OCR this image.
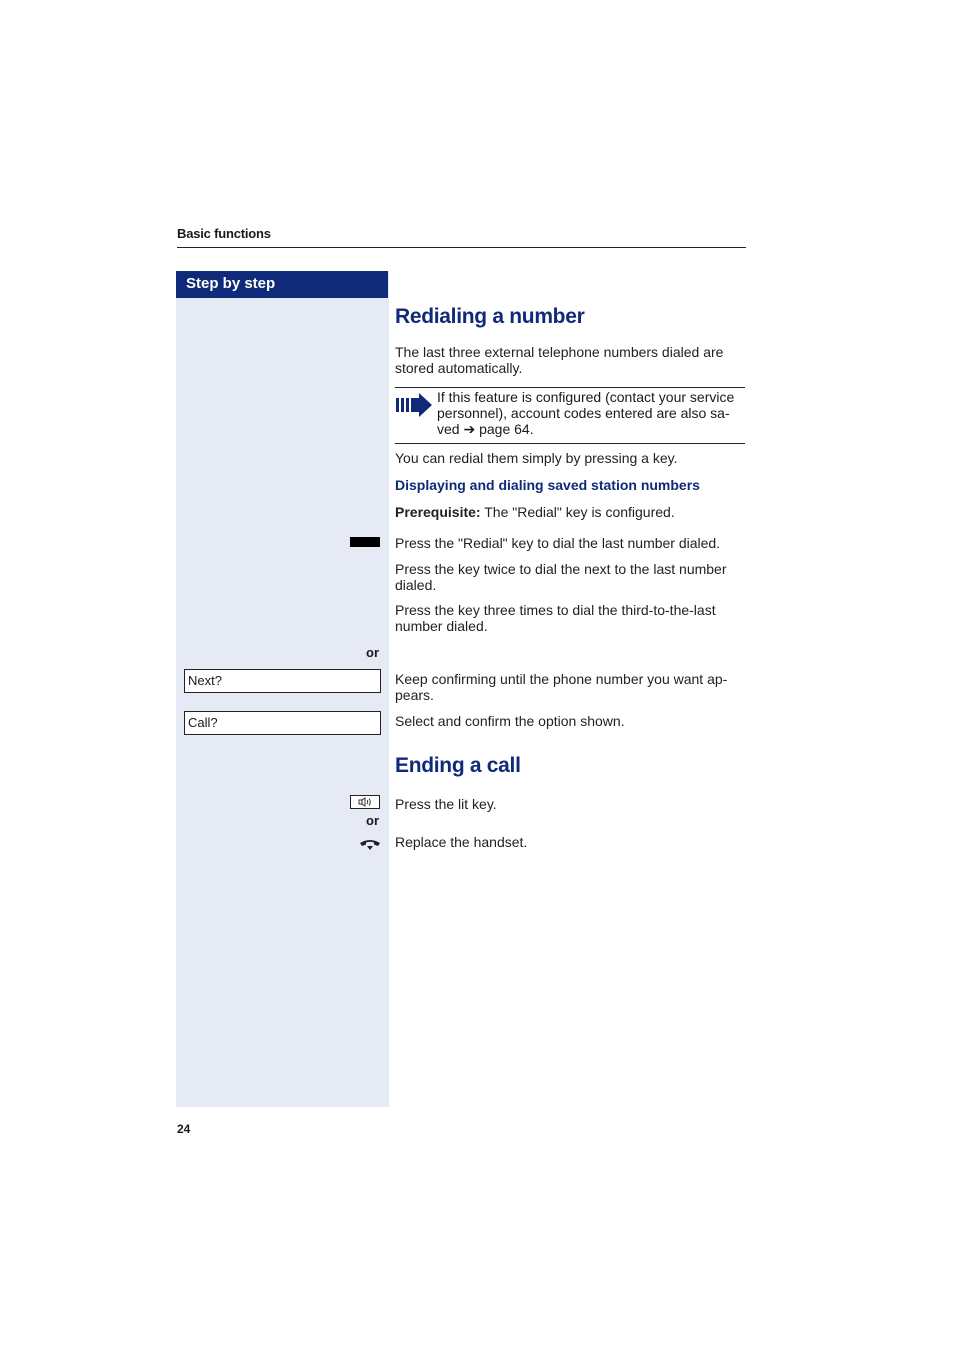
Basic functions
Step by step
Redialing a number
The last three external telephone numbers dialed are stored automatically.
If this feature is configured (contact your service
personnel), account codes entered are also sa-
ved ➔ page 64.
You can redial them simply by pressing a key.
Displaying and dialing saved station numbers
Prerequisite: The "Redial" key is configured.
Press the "Redial" key to dial the last number dialed.
Press the key twice to dial the next to the last number dialed.
Press the key three times to dial the third-to-the-last number dialed.
or
Next?	Keep confirming until the phone number you want ap-pears.
Call?	Select and confirm the option shown.
Ending a call
Press the lit key.
or
Replace the handset.
24
